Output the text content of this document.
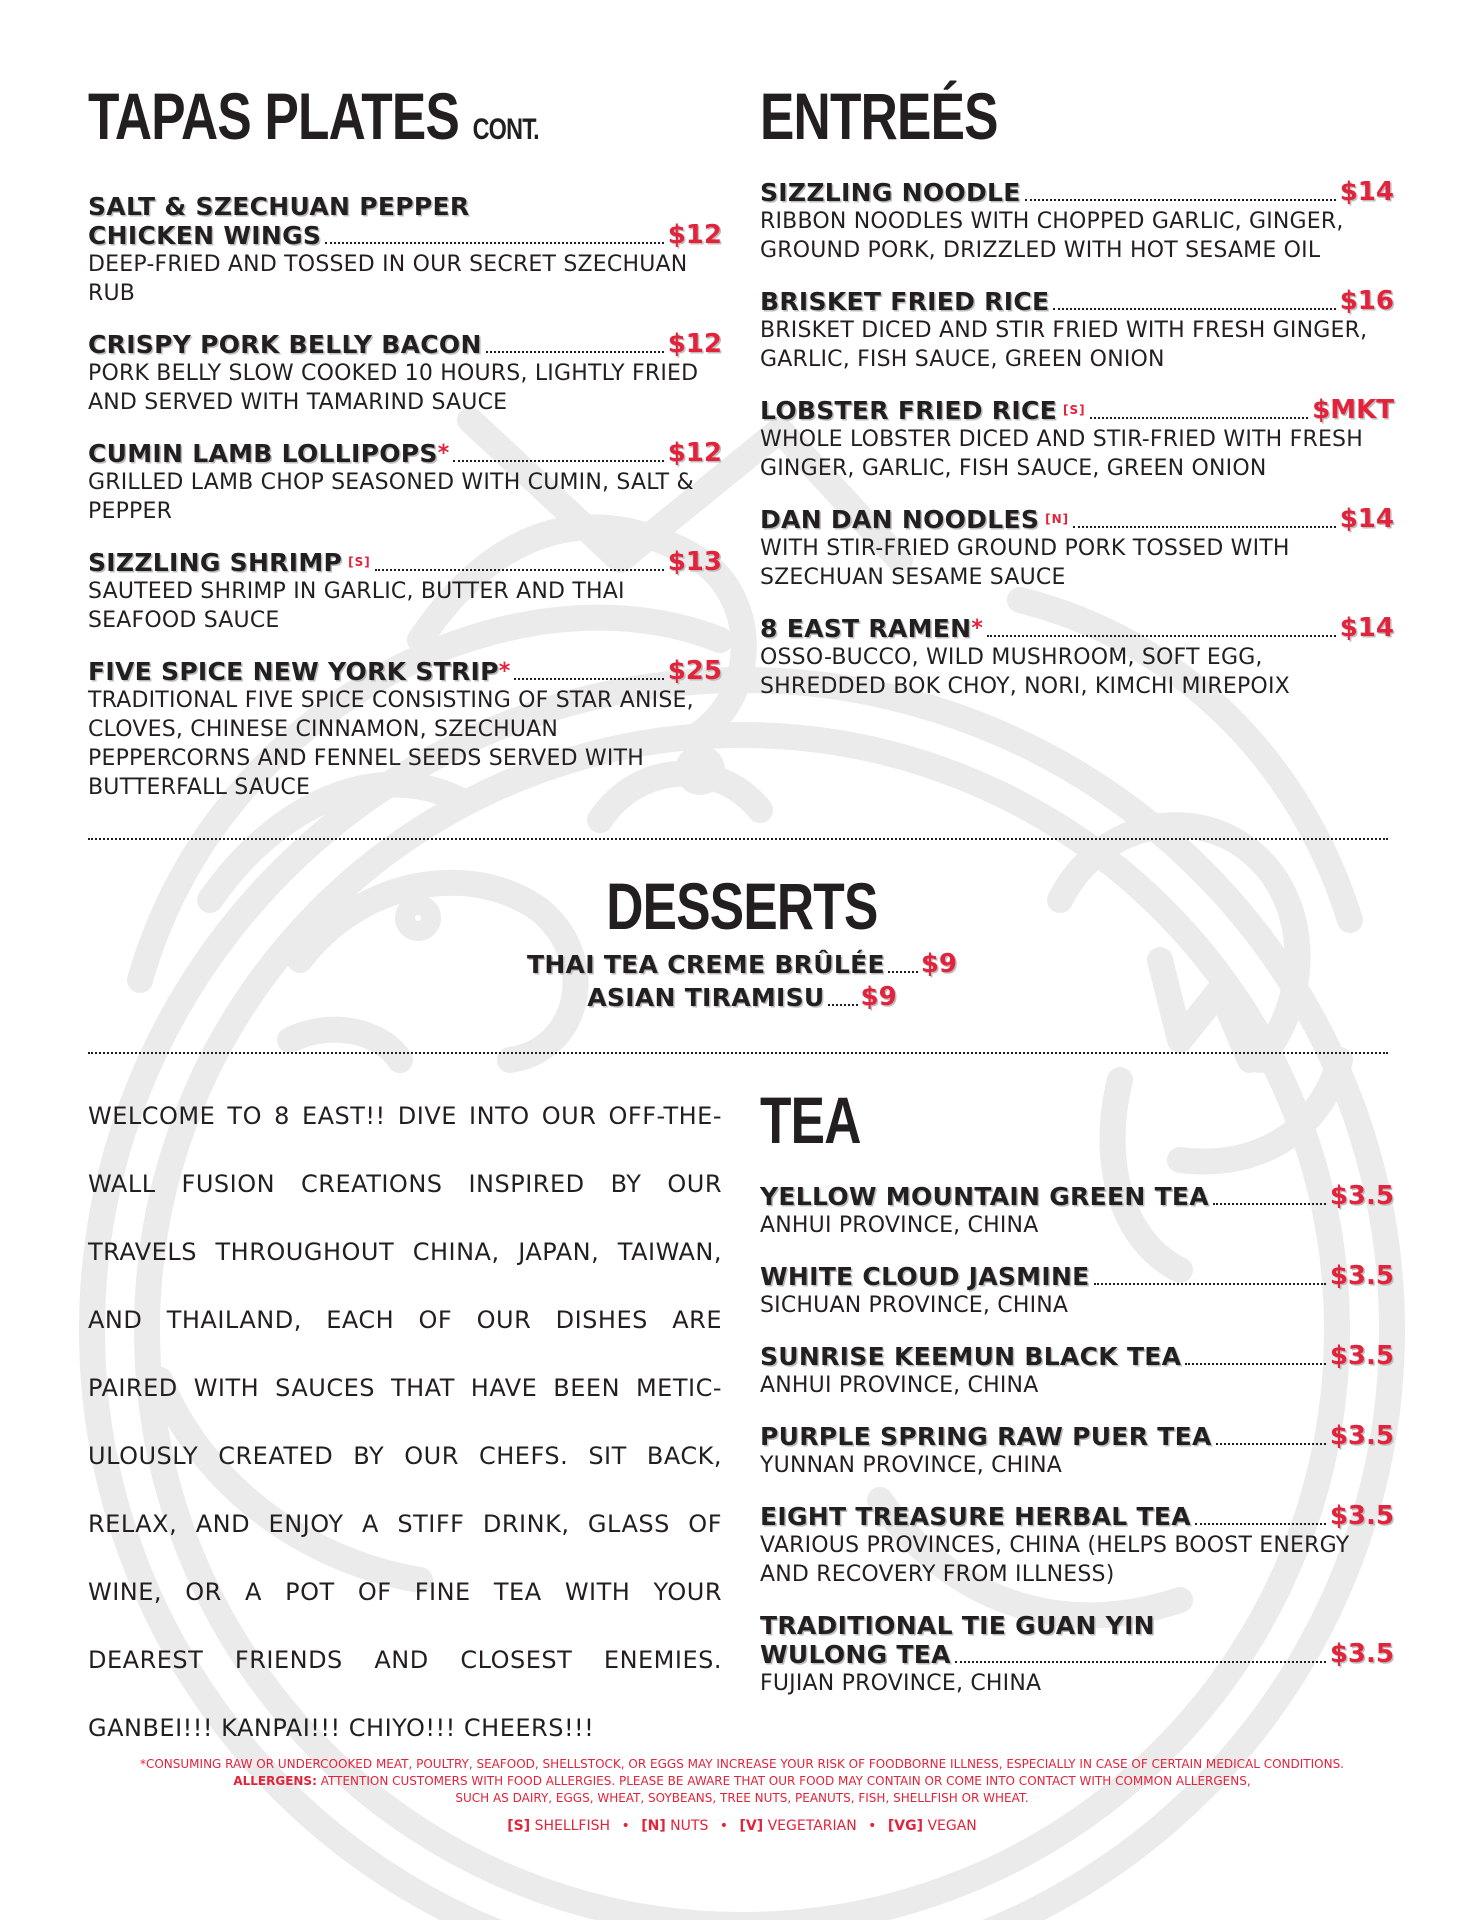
TAPAS PLATES CONT.
SALT & SZECHUAN PEPPER
CHICKEN WINGS	$12
DEEP-FRIED AND TOSSED IN OUR SECRET SZECHUAN RUB
CRISPY PORK BELLY BACON	$12
PORK BELLY SLOW COOKED 10 HOURS, LIGHTLY FRIED AND SERVED WITH TAMARIND SAUCE
CUMIN LAMB LOLLIPOPS *	$12
GRILLED LAMB CHOP SEASONED WITH CUMIN, SALT & PEPPER
SIZZLING SHRIMP [S]	$13
SAUTEED SHRIMP IN GARLIC, BUTTER AND THAI SEAFOOD SAUCE
FIVE SPICE NEW YORK STRIP *	$25
TRADITIONAL FIVE SPICE CONSISTING OF STAR ANISE, CLOVES, CHINESE CINNAMON, SZECHUAN PEPPERCORNS AND FENNEL SEEDS SERVED WITH BUTTERFALL SAUCE
ENTREÉS
SIZZLING NOODLE	$14
RIBBON NOODLES WITH CHOPPED GARLIC, GINGER, GROUND PORK, DRIZZLED WITH HOT SESAME OIL
BRISKET FRIED RICE	$16
BRISKET DICED AND STIR FRIED WITH FRESH GINGER, GARLIC, FISH SAUCE, GREEN ONION
LOBSTER FRIED RICE [S]	$MKT
WHOLE LOBSTER DICED AND STIR-FRIED WITH FRESH GINGER, GARLIC, FISH SAUCE, GREEN ONION
DAN DAN NOODLES [N]	$14
WITH STIR-FRIED GROUND PORK TOSSED WITH SZECHUAN SESAME SAUCE
8 EAST RAMEN *	$14
OSSO-BUCCO, WILD MUSHROOM, SOFT EGG, SHREDDED BOK CHOY, NORI, KIMCHI MIREPOIX
DESSERTS
THAI TEA CREME BRÛLÉE $9
ASIAN TIRAMISU $9
WELCOME TO 8 EAST!! DIVE INTO OUR OFF-THE-WALL FUSION CREATIONS INSPIRED BY OUR TRAVELS THROUGHOUT CHINA, JAPAN, TAIWAN, AND THAILAND, EACH OF OUR DISHES ARE PAIRED WITH SAUCES THAT HAVE BEEN METIC-ULOUSLY CREATED BY OUR CHEFS. SIT BACK, RELAX, AND ENJOY A STIFF DRINK, GLASS OF WINE, OR A POT OF FINE TEA WITH YOUR DEAREST FRIENDS AND CLOSEST ENEMIES. GANBEI!!! KANPAI!!! CHIYO!!! CHEERS!!!
TEA
YELLOW MOUNTAIN GREEN TEA	$3.5
ANHUI PROVINCE, CHINA
WHITE CLOUD JASMINE	$3.5
SICHUAN PROVINCE, CHINA
SUNRISE KEEMUN BLACK TEA	$3.5
ANHUI PROVINCE, CHINA
PURPLE SPRING RAW PUER TEA	$3.5
YUNNAN PROVINCE, CHINA
EIGHT TREASURE HERBAL TEA	$3.5
VARIOUS PROVINCES, CHINA (HELPS BOOST ENERGY AND RECOVERY FROM ILLNESS)
TRADITIONAL TIE GUAN YIN
WULONG TEA	$3.5
FUJIAN PROVINCE, CHINA
*CONSUMING RAW OR UNDERCOOKED MEAT, POULTRY, SEAFOOD, SHELLSTOCK, OR EGGS MAY INCREASE YOUR RISK OF FOODBORNE ILLNESS, ESPECIALLY IN CASE OF CERTAIN MEDICAL CONDITIONS.
ALLERGENS: ATTENTION CUSTOMERS WITH FOOD ALLERGIES. PLEASE BE AWARE THAT OUR FOOD MAY CONTAIN OR COME INTO CONTACT WITH COMMON ALLERGENS,
SUCH AS DAIRY, EGGS, WHEAT, SOYBEANS, TREE NUTS, PEANUTS, FISH, SHELLFISH OR WHEAT.
[S] SHELLFISH • [N] NUTS • [V] VEGETARIAN • [VG] VEGAN
